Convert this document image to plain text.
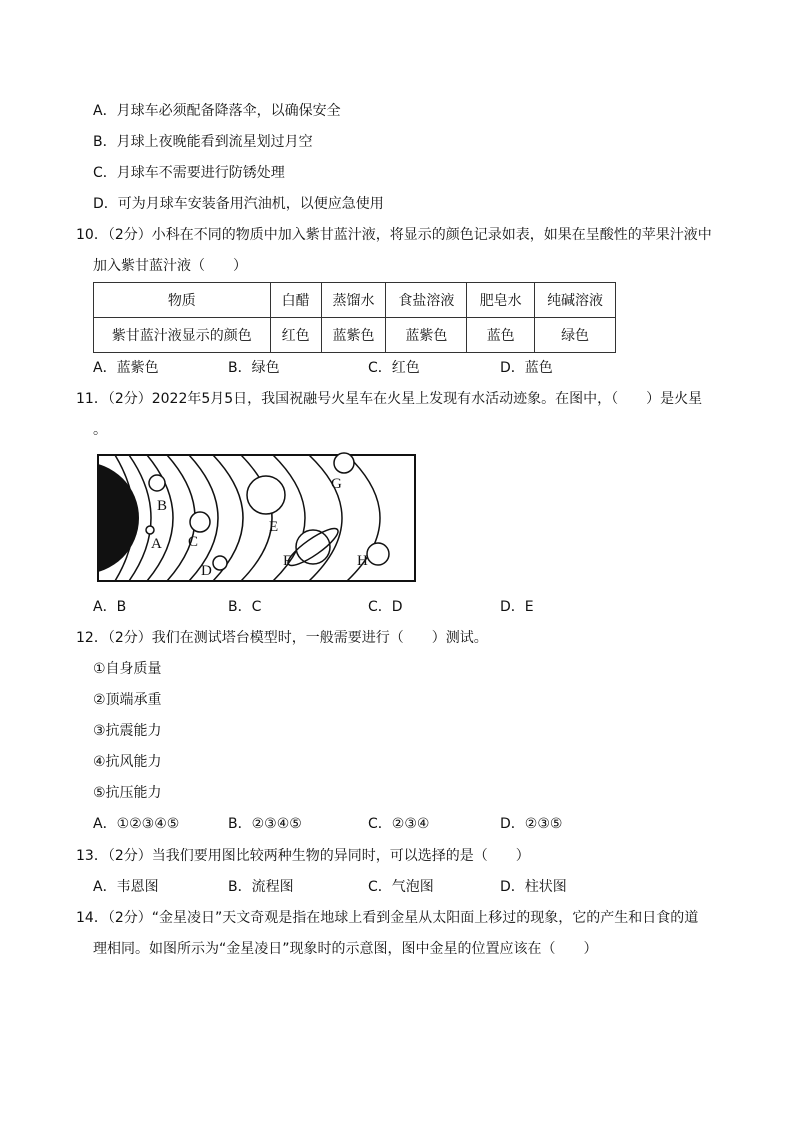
A．月球车必须配备降落伞，以确保安全
B．月球上夜晚能看到流星划过月空
C．月球车不需要进行防锈处理
D．可为月球车安装备用汽油机，以便应急使用
10．（2分）小科在不同的物质中加入紫甘蓝汁液，将显示的颜色记录如表，如果在呈酸性的苹果汁液中
加入紫甘蓝汁液（　　）
物质	白醋	蒸馏水	食盐溶液	肥皂水	纯碱溶液
紫甘蓝汁液显示的颜色	红色	蓝紫色	蓝紫色	蓝色	绿色
A．蓝紫色	B．绿色	C．红色	D．蓝色
11．（2分）2022年5月5日，我国祝融号火星车在火星上发现有水活动迹象。在图中，（　　）是火星
。
A
B
C
D
E
F
G
H
A．B	B．C	C．D	D．E
12．（2分）我们在测试塔台模型时，一般需要进行（　　）测试。
①自身质量
②顶端承重
③抗震能力
④抗风能力
⑤抗压能力
A．①②③④⑤	B．②③④⑤	C．②③④	D．②③⑤
13．（2分）当我们要用图比较两种生物的异同时，可以选择的是（　　）
A．韦恩图	B．流程图	C．气泡图	D．柱状图
14．（2分）“金星凌日”天文奇观是指在地球上看到金星从太阳面上移过的现象，它的产生和日食的道
理相同。如图所示为“金星凌日”现象时的示意图，图中金星的位置应该在（　　）
